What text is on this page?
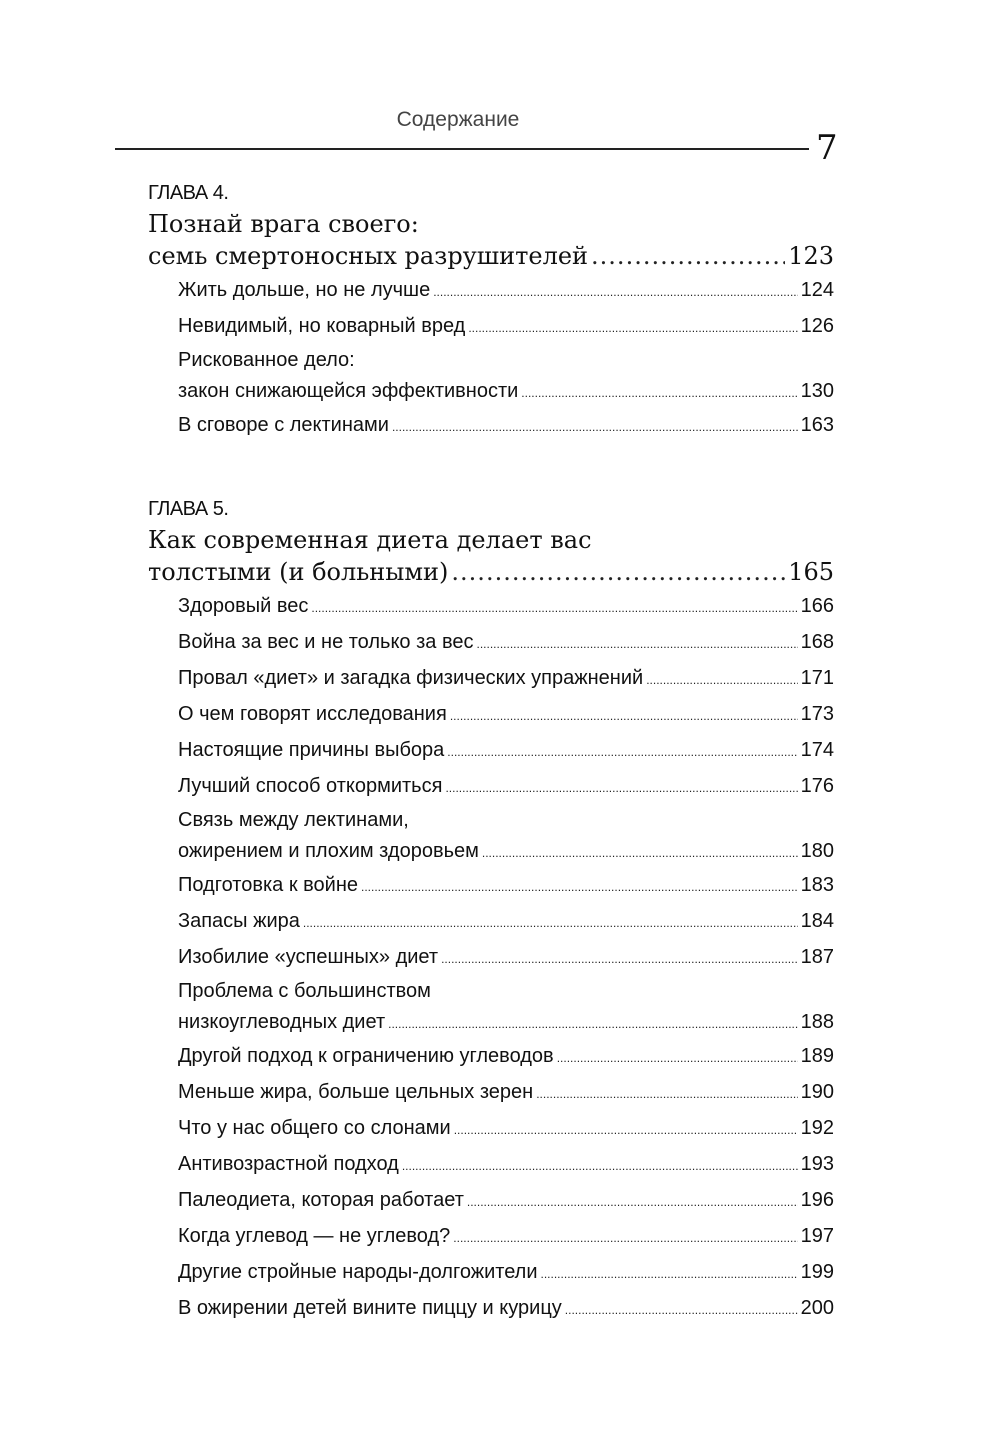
Содержание
7
ГЛАВА 4.
Познай врага своего:
семь смертоносных разрушителей .....	123
Жить дольше, но не лучше .....	124
Невидимый, но коварный вред .....	126
Рискованное дело:
закон снижающейся эффективности .....	130
В сговоре с лектинами .....	163
ГЛАВА 5.
Как современная диета делает вас
толстыми (и больными) .....	165
Здоровый вес .....	166
Война за вес и не только за вес .....	168
Провал «диет» и загадка физических упражнений .....	171
О чем говорят исследования .....	173
Настоящие причины выбора .....	174
Лучший способ откормиться .....	176
Связь между лектинами,
ожирением и плохим здоровьем .....	180
Подготовка к войне .....	183
Запасы жира .....	184
Изобилие «успешных» диет .....	187
Проблема с большинством
низкоуглеводных диет .....	188
Другой подход к ограничению углеводов .....	189
Меньше жира, больше цельных зерен .....	190
Что у нас общего со слонами .....	192
Антивозрастной подход .....	193
Палеодиета, которая работает .....	196
Когда углевод — не углевод? .....	197
Другие стройные народы-долгожители .....	199
В ожирении детей вините пиццу и курицу .....	200
